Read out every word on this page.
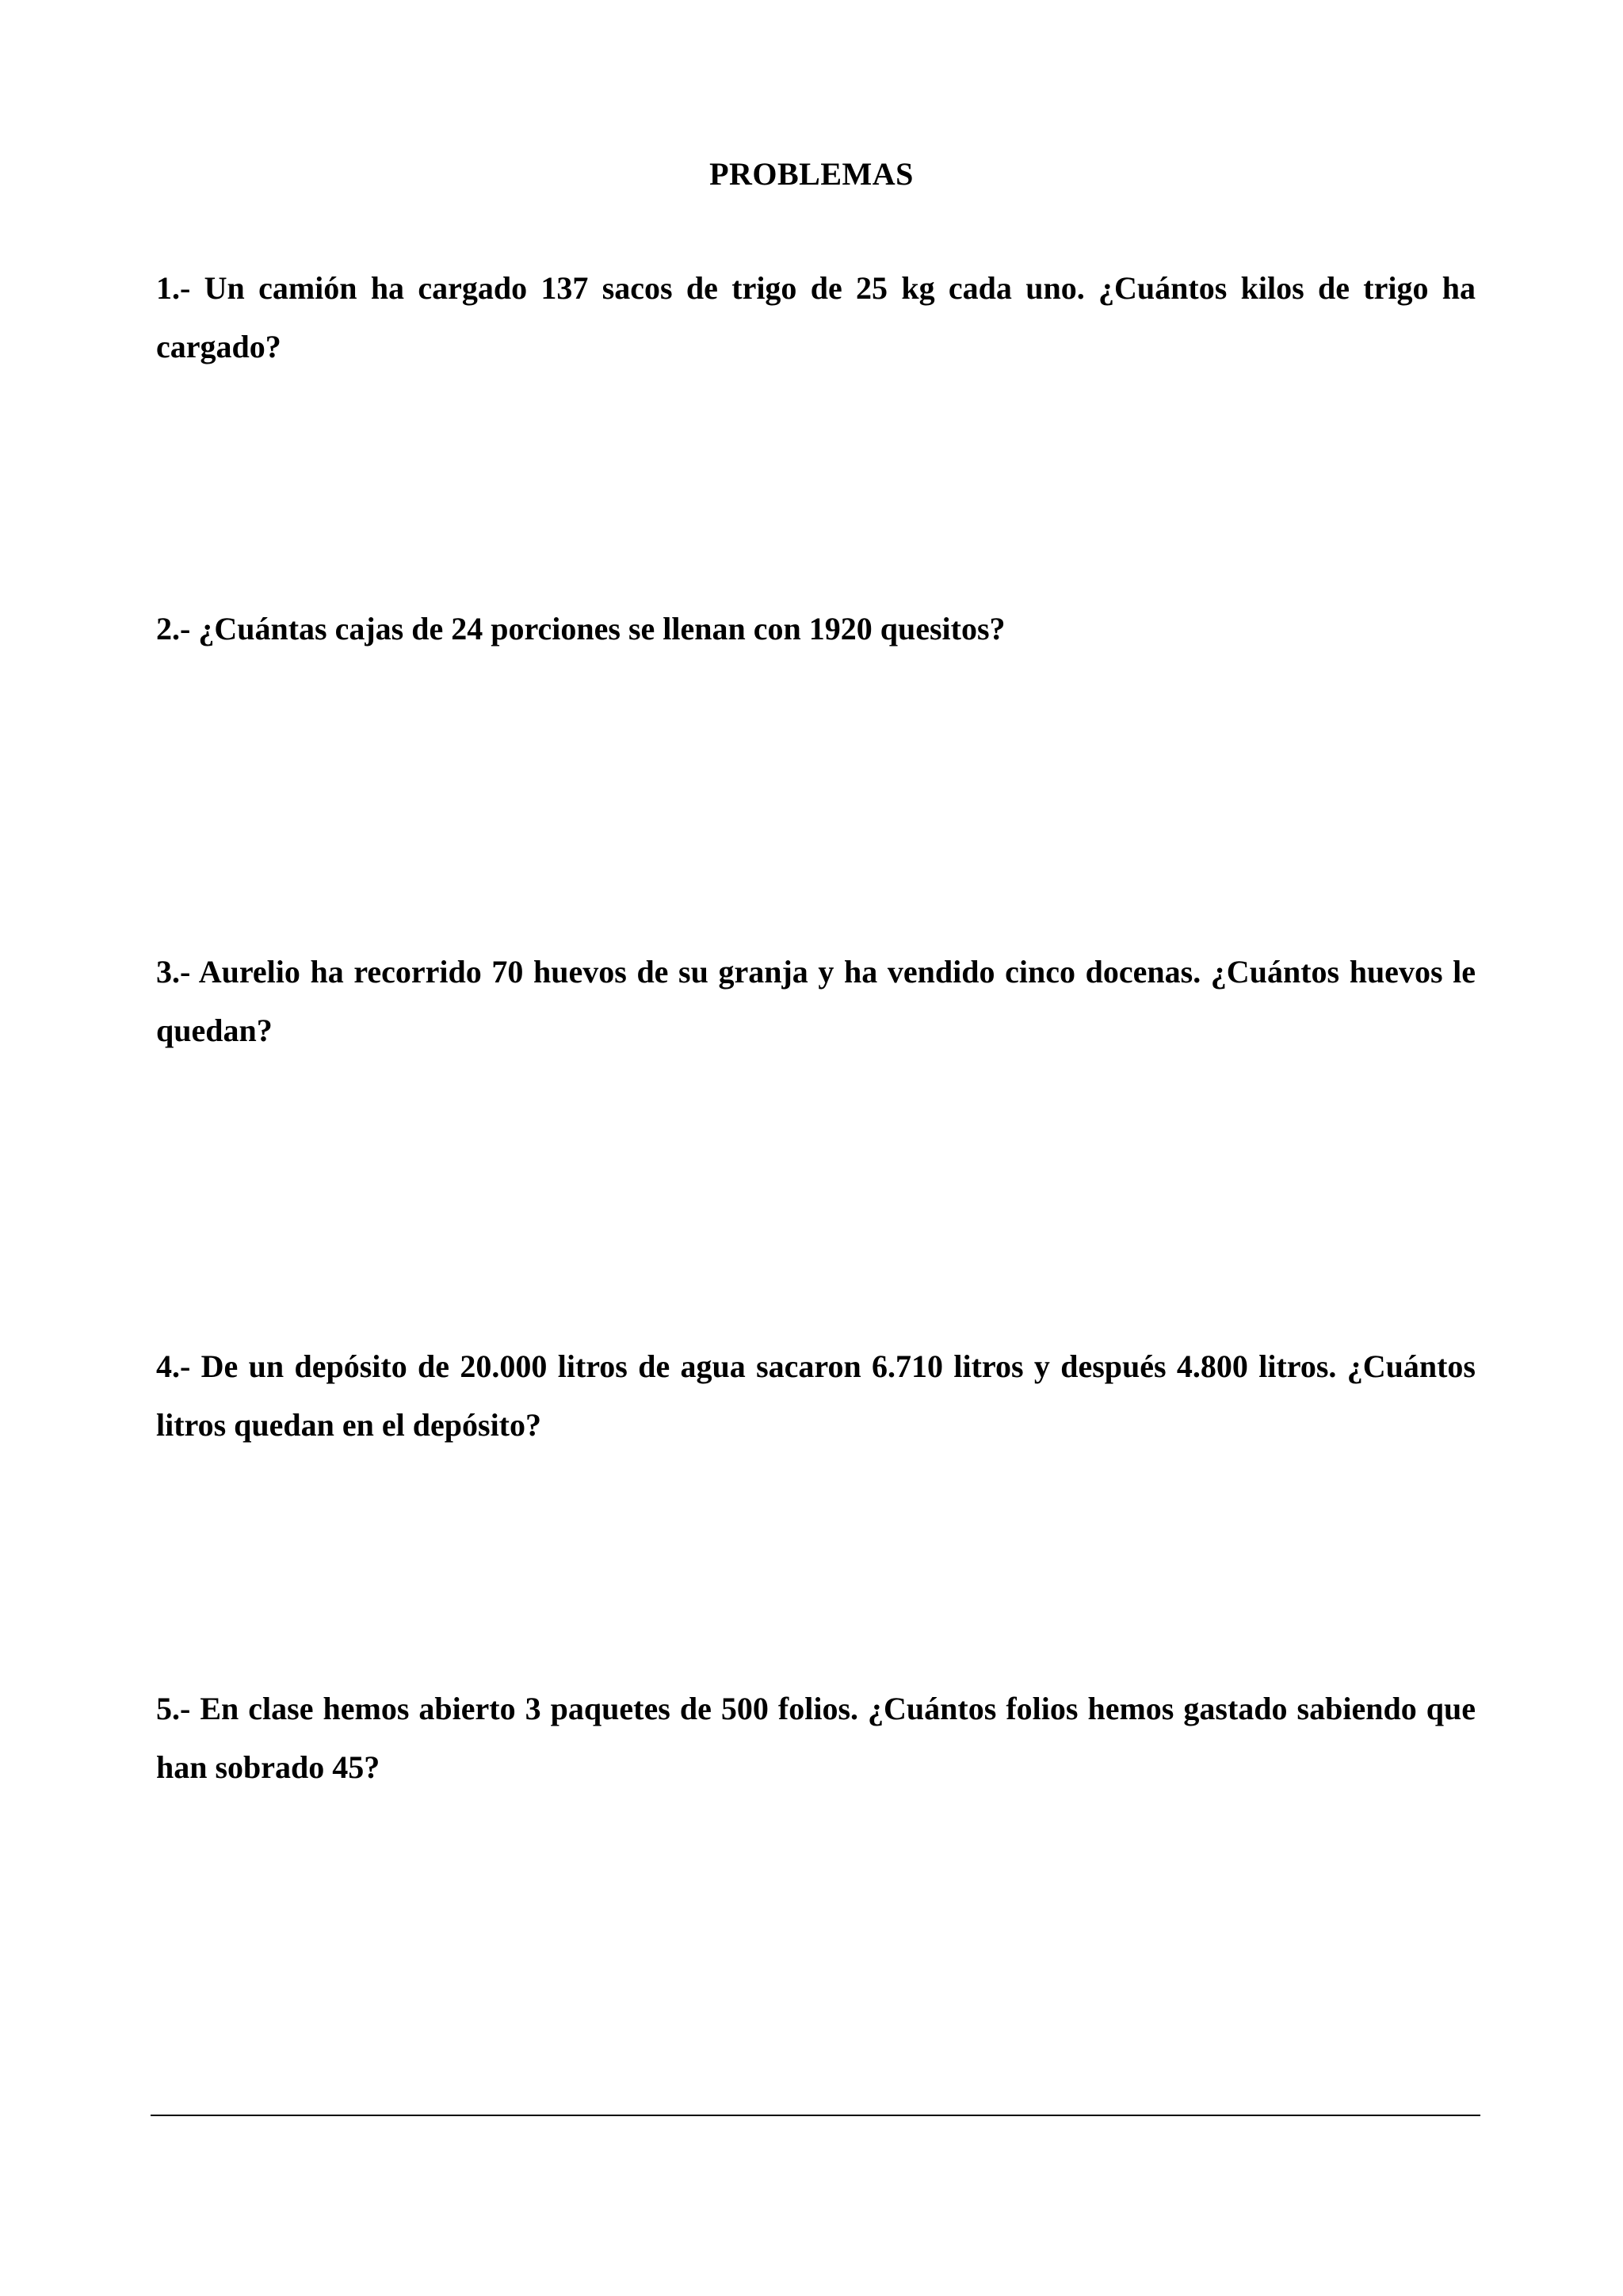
PROBLEMAS

1.- Un camión ha cargado 137 sacos de trigo de 25 kg cada uno. ¿Cuántos kilos de trigo ha cargado?

2.- ¿Cuántas cajas de 24 porciones se llenan con 1920 quesitos?

3.- Aurelio ha recorrido 70 huevos de su granja y ha vendido cinco docenas. ¿Cuántos huevos le quedan?

4.- De un depósito de 20.000 litros de agua sacaron 6.710 litros y después 4.800 litros. ¿Cuántos litros quedan en el depósito?

5.- En clase hemos abierto 3 paquetes de 500 folios. ¿Cuántos folios hemos gastado sabiendo que han sobrado 45?
